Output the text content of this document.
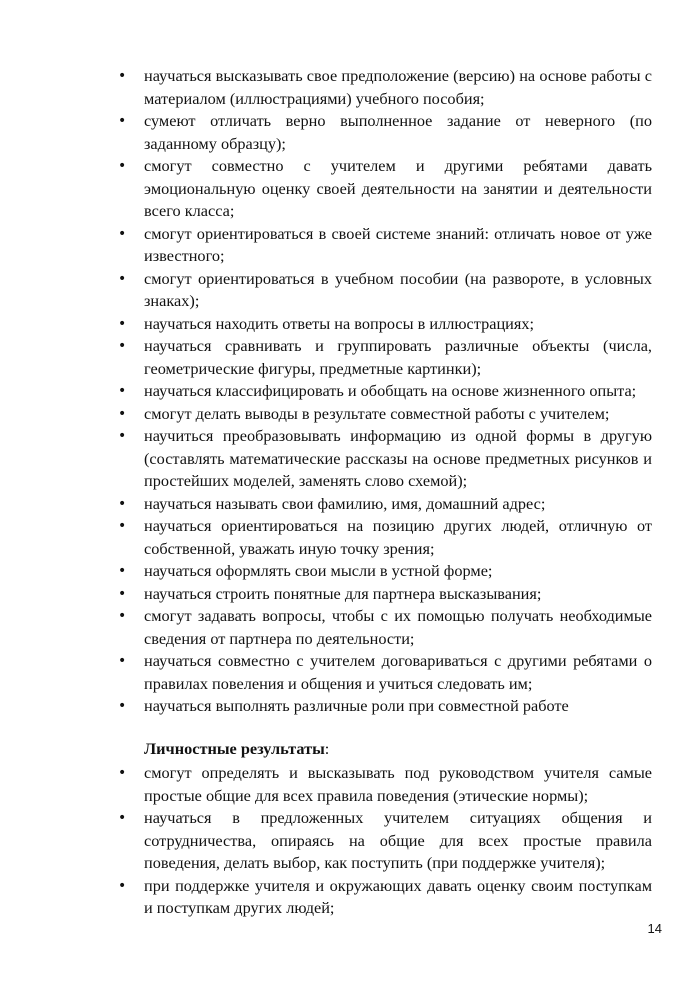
• научаться высказывать свое предположение (версию) на основе работы с материалом (иллюстрациями) учебного пособия;
• сумеют отличать верно выполненное задание от неверного (по заданному образцу);
• смогут совместно с учителем и другими ребятами давать эмоциональную оценку своей деятельности на занятии и деятельности всего класса;
• смогут ориентироваться в своей системе знаний: отличать новое от уже известного;
• смогут ориентироваться в учебном пособии (на развороте, в условных знаках);
• научаться находить ответы на вопросы в иллюстрациях;
• научаться сравнивать и группировать различные объекты (числа, геометрические фигуры, предметные картинки);
• научаться классифицировать и обобщать на основе жизненного опыта;
• смогут делать выводы в результате совместной работы с учителем;
• научиться преобразовывать информацию из одной формы в другую (составлять математические рассказы на основе предметных рисунков и простейших моделей, заменять слово схемой);
• научаться называть свои фамилию, имя, домашний адрес;
• научаться ориентироваться на позицию других людей, отличную от собственной, уважать иную точку зрения;
• научаться оформлять свои мысли в устной форме;
• научаться строить понятные для партнера высказывания;
• смогут задавать вопросы, чтобы с их помощью получать необходимые сведения от партнера по деятельности;
• научаться совместно с учителем договариваться с другими ребятами о правилах повеления и общения и учиться следовать им;
• научаться выполнять различные роли при совместной работе

Личностные результаты:

• смогут определять и высказывать под руководством учителя самые простые общие для всех правила поведения (этические нормы);
• научаться в предложенных учителем ситуациях общения и сотрудничества, опираясь на общие для всех простые правила поведения, делать выбор, как поступить (при поддержке учителя);
• при поддержке учителя и окружающих давать оценку своим поступкам и поступкам других людей;
14
